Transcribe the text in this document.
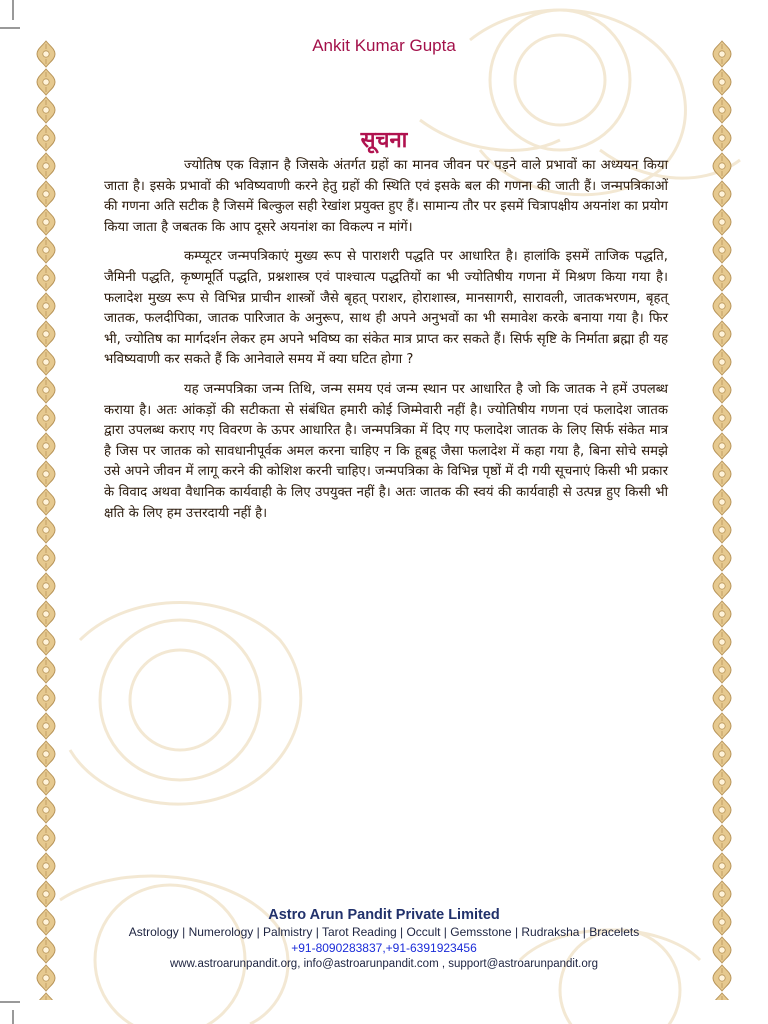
Ankit Kumar Gupta
सूचना

ज्योतिष एक विज्ञान है जिसके अंतर्गत ग्रहों का मानव जीवन पर पड़ने वाले प्रभावों का अध्ययन किया जाता है। इसके प्रभावों की भविष्यवाणी करने हेतु ग्रहों की स्थिति एवं इसके बल की गणना की जाती हैं। जन्मपत्रिकाओं की गणना अति सटीक है जिसमें बिल्कुल सही रेखांश प्रयुक्त हुए हैं। सामान्य तौर पर इसमें चित्रापक्षीय अयनांश का प्रयोग किया जाता है जबतक कि आप दूसरे अयनांश का विकल्प न मांगें।

कम्प्यूटर जन्मपत्रिकाएं मुख्य रूप से पाराशरी पद्धति पर आधारित है। हालांकि इसमें ताजिक पद्धति, जैमिनी पद्धति, कृष्णमूर्ति पद्धति, प्रश्नशास्त्र एवं पाश्चात्य पद्धतियों का भी ज्योतिषीय गणना में मिश्रण किया गया है। फलादेश मुख्य रूप से विभिन्न प्राचीन शास्त्रों जैसे बृहत् पराशर, होराशास्त्र, मानसागरी, सारावली, जातकभरणम, बृहत् जातक, फलदीपिका, जातक पारिजात के अनुरूप, साथ ही अपने अनुभवों का भी समावेश करके बनाया गया है। फिर भी, ज्योतिष का मार्गदर्शन लेकर हम अपने भविष्य का संकेत मात्र प्राप्त कर सकते हैं। सिर्फ सृष्टि के निर्माता ब्रह्मा ही यह भविष्यवाणी कर सकते हैं कि आनेवाले समय में क्या घटित होगा ?

यह जन्मपत्रिका जन्म तिथि, जन्म समय एवं जन्म स्थान पर आधारित है जो कि जातक ने हमें उपलब्ध कराया है। अतः आंकड़ों की सटीकता से संबंधित हमारी कोई जिम्मेवारी नहीं है। ज्योतिषीय गणना एवं फलादेश जातक द्वारा उपलब्ध कराए गए विवरण के ऊपर आधारित है। जन्मपत्रिका में दिए गए फलादेश जातक के लिए सिर्फ संकेत मात्र है जिस पर जातक को सावधानीपूर्वक अमल करना चाहिए न कि हूबहू जैसा फलादेश में कहा गया है, बिना सोचे समझे उसे अपने जीवन में लागू करने की कोशिश करनी चाहिए। जन्मपत्रिका के विभिन्न पृष्ठों में दी गयी सूचनाएं किसी भी प्रकार के विवाद अथवा वैधानिक कार्यवाही के लिए उपयुक्त नहीं है। अतः जातक की स्वयं की कार्यवाही से उत्पन्न हुए किसी भी क्षति के लिए हम उत्तरदायी नहीं है।

Astro Arun Pandit Private Limited
Astrology | Numerology | Palmistry | Tarot Reading | Occult | Gemsstone | Rudraksha | Bracelets
+91-8090283837,+91-6391923456
www.astroarunpandit.org, info@astroarunpandit.com , support@astroarunpandit.org
